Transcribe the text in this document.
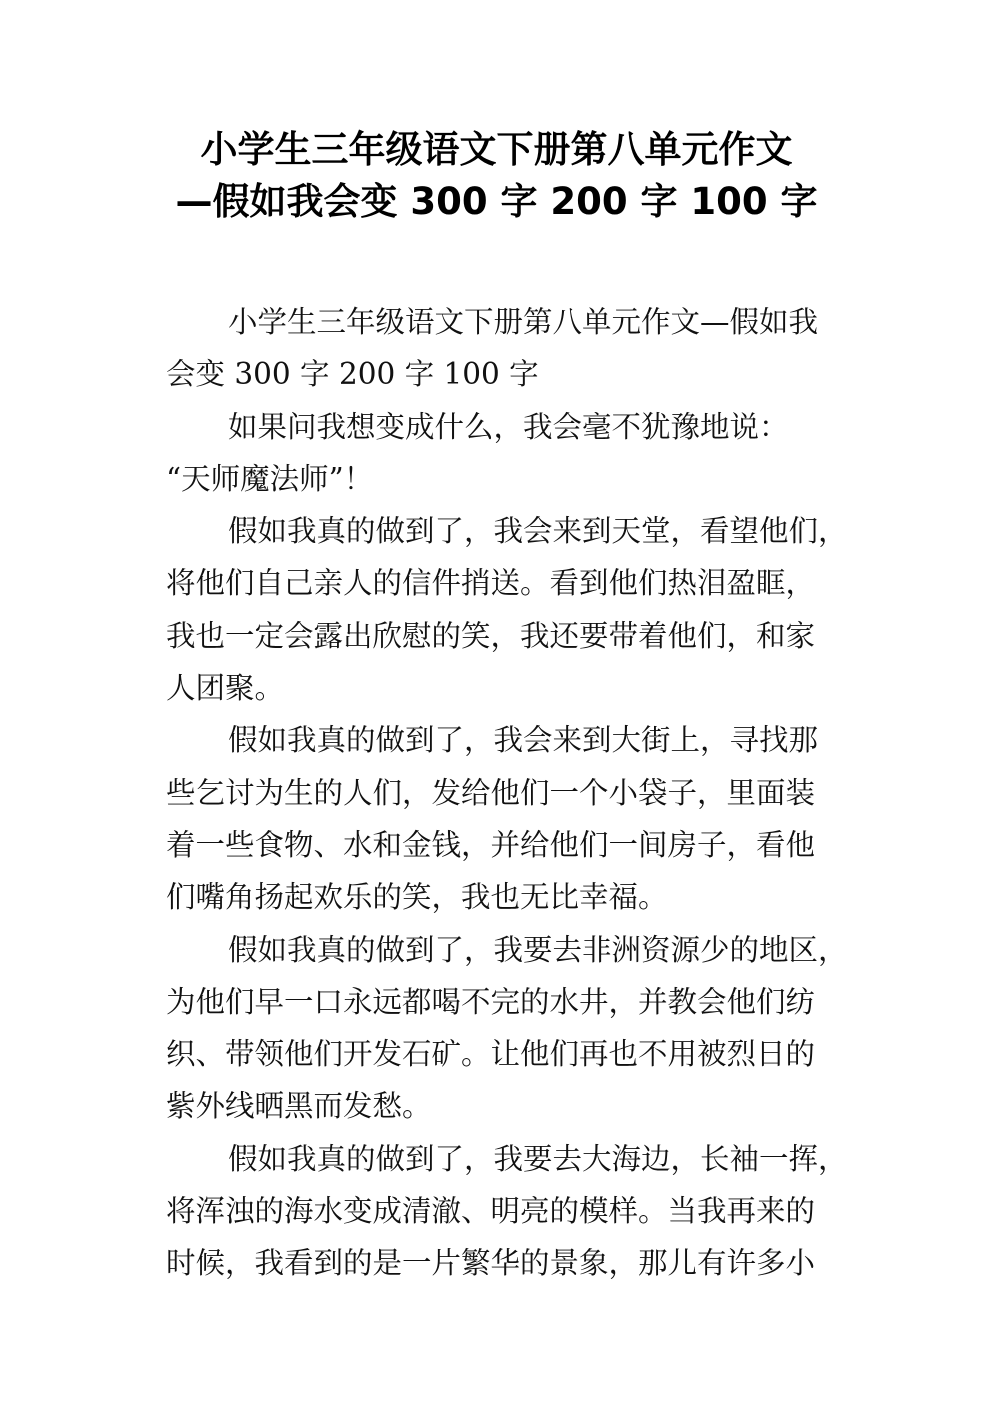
小学生三年级语文下册第八单元作文
—假如我会变 300 字 200 字 100 字
小学生三年级语文下册第八单元作文—假如我
会变 300 字 200 字 100 字
如果问我想变成什么，我会毫不犹豫地说：
“天师魔法师”！
假如我真的做到了，我会来到天堂，看望他们，
将他们自己亲人的信件捎送。看到他们热泪盈眶，
我也一定会露出欣慰的笑，我还要带着他们，和家
人团聚。
假如我真的做到了，我会来到大街上，寻找那
些乞讨为生的人们，发给他们一个小袋子，里面装
着一些食物、水和金钱，并给他们一间房子，看他
们嘴角扬起欢乐的笑，我也无比幸福。
假如我真的做到了，我要去非洲资源少的地区，
为他们早一口永远都喝不完的水井，并教会他们纺
织、带领他们开发石矿。让他们再也不用被烈日的
紫外线晒黑而发愁。
假如我真的做到了，我要去大海边，长袖一挥，
将浑浊的海水变成清澈、明亮的模样。当我再来的
时候，我看到的是一片繁华的景象，那儿有许多小
